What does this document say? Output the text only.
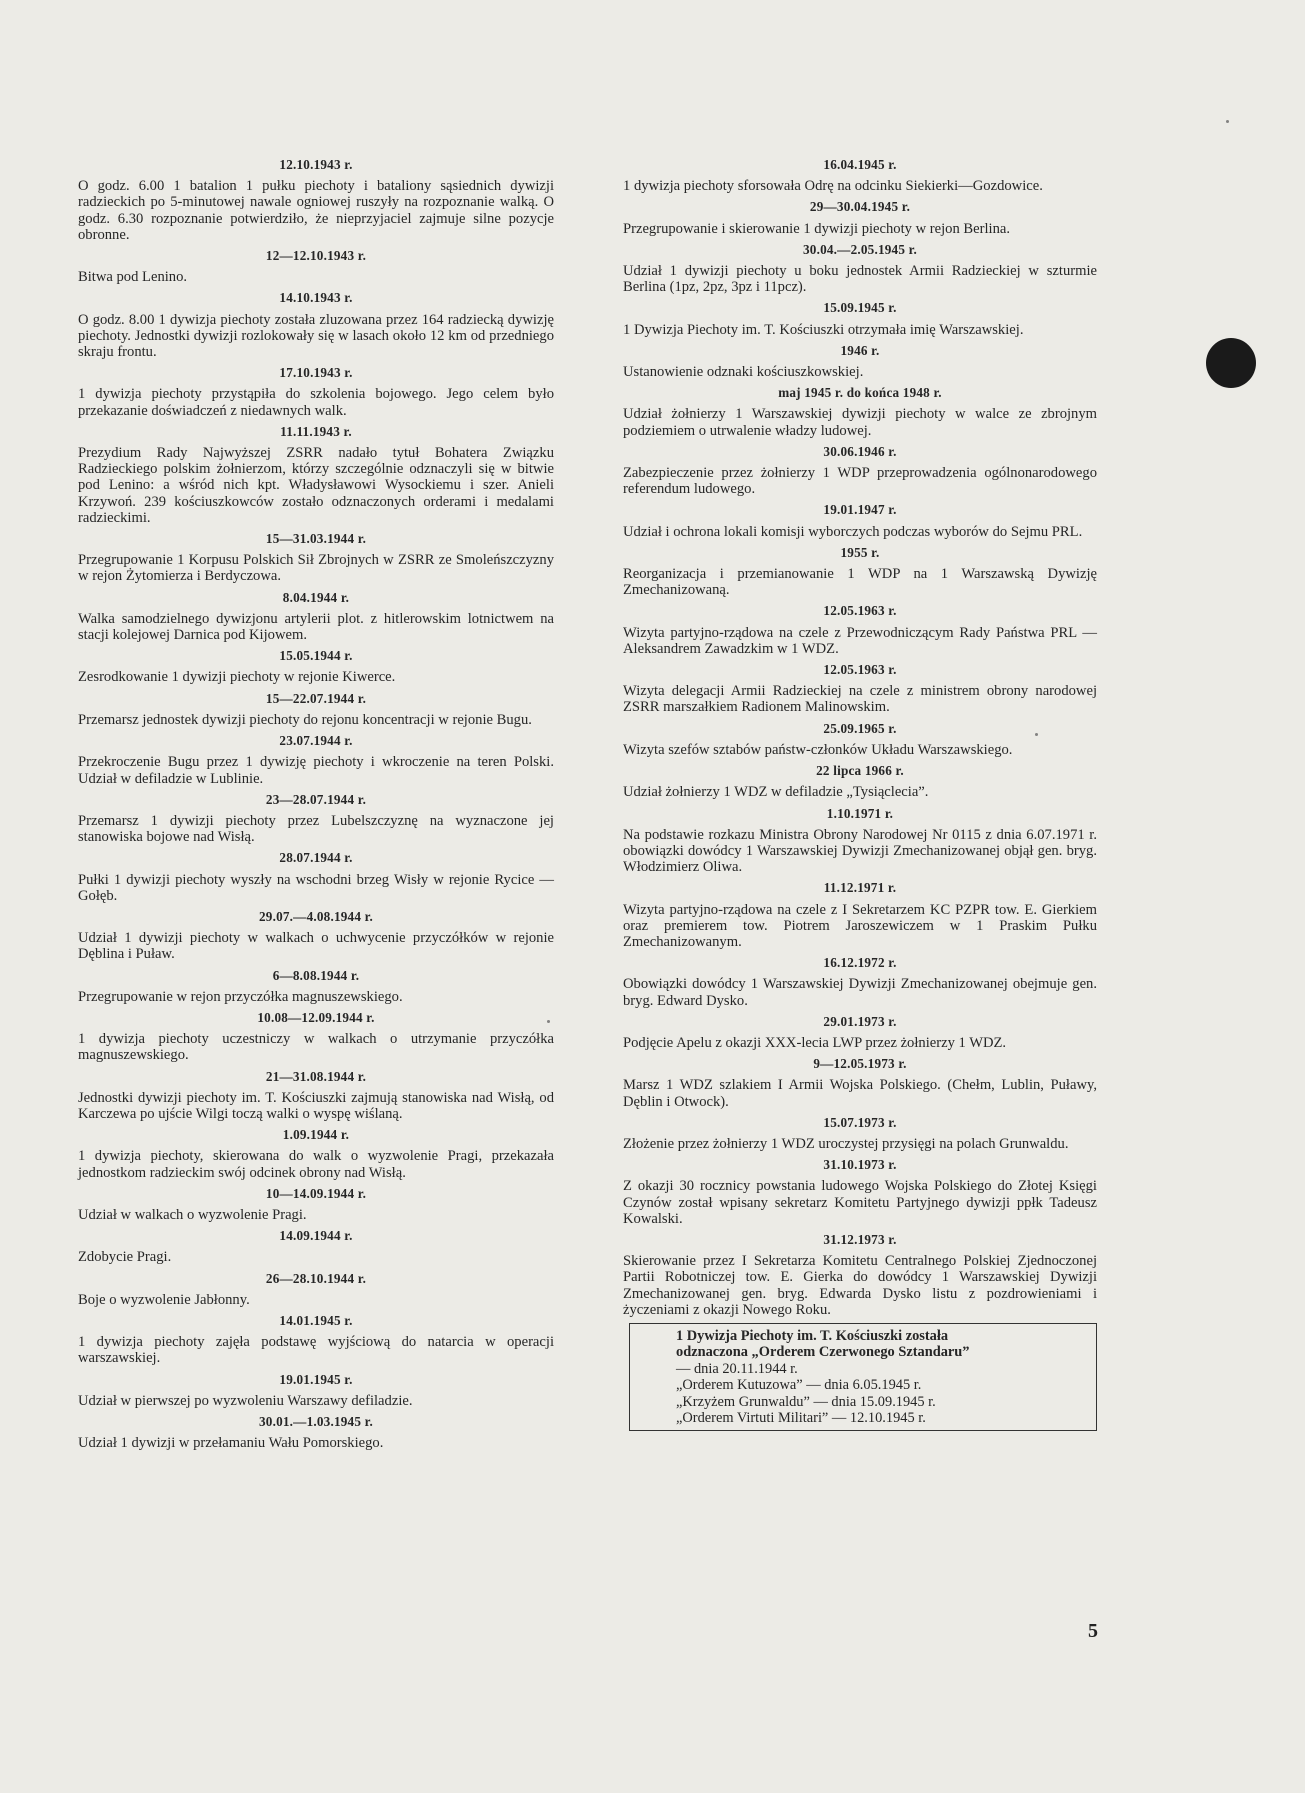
12.10.1943 r.
O godz. 6.00 1 batalion 1 pułku piechoty i bataliony sąsiednich dywizji radzieckich po 5-minutowej nawale ogniowej ruszyły na rozpoznanie walką. O godz. 6.30 rozpoznanie potwierdziło, że nieprzyjaciel zajmuje silne pozycje obronne.
12—12.10.1943 r.
Bitwa pod Lenino.
14.10.1943 r.
O godz. 8.00 1 dywizja piechoty została zluzowana przez 164 radziecką dywizję piechoty. Jednostki dywizji rozlokowały się w lasach około 12 km od przedniego skraju frontu.
17.10.1943 r.
1 dywizja piechoty przystąpiła do szkolenia bojowego. Jego celem było przekazanie doświadczeń z niedawnych walk.
11.11.1943 r.
Prezydium Rady Najwyższej ZSRR nadało tytuł Bohatera Związku Radzieckiego polskim żołnierzom, którzy szczególnie odznaczyli się w bitwie pod Lenino: a wśród nich kpt. Władysławowi Wysockiemu i szer. Anieli Krzywoń. 239 kościuszkowców zostało odznaczonych orderami i medalami radzieckimi.
15—31.03.1944 r.
Przegrupowanie 1 Korpusu Polskich Sił Zbrojnych w ZSRR ze Smoleńszczyzny w rejon Żytomierza i Berdyczowa.
8.04.1944 r.
Walka samodzielnego dywizjonu artylerii plot. z hitlerowskim lotnictwem na stacji kolejowej Darnica pod Kijowem.
15.05.1944 r.
Zesrodkowanie 1 dywizji piechoty w rejonie Kiwerce.
15—22.07.1944 r.
Przemarsz jednostek dywizji piechoty do rejonu koncentracji w rejonie Bugu.
23.07.1944 r.
Przekroczenie Bugu przez 1 dywizję piechoty i wkroczenie na teren Polski. Udział w defiladzie w Lublinie.
23—28.07.1944 r.
Przemarsz 1 dywizji piechoty przez Lubelszczyznę na wyznaczone jej stanowiska bojowe nad Wisłą.
28.07.1944 r.
Pułki 1 dywizji piechoty wyszły na wschodni brzeg Wisły w rejonie Rycice — Gołęb.
29.07.—4.08.1944 r.
Udział 1 dywizji piechoty w walkach o uchwycenie przyczółków w rejonie Dęblina i Puław.
6—8.08.1944 r.
Przegrupowanie w rejon przyczółka magnuszewskiego.
10.08—12.09.1944 r.
1 dywizja piechoty uczestniczy w walkach o utrzymanie przyczółka magnuszewskiego.
21—31.08.1944 r.
Jednostki dywizji piechoty im. T. Kościuszki zajmują stanowiska nad Wisłą, od Karczewa po ujście Wilgi toczą walki o wyspę wiślaną.
1.09.1944 r.
1 dywizja piechoty, skierowana do walk o wyzwolenie Pragi, przekazała jednostkom radzieckim swój odcinek obrony nad Wisłą.
10—14.09.1944 r.
Udział w walkach o wyzwolenie Pragi.
14.09.1944 r.
Zdobycie Pragi.
26—28.10.1944 r.
Boje o wyzwolenie Jabłonny.
14.01.1945 r.
1 dywizja piechoty zajęła podstawę wyjściową do natarcia w operacji warszawskiej.
19.01.1945 r.
Udział w pierwszej po wyzwoleniu Warszawy defiladzie.
30.01.—1.03.1945 r.
Udział 1 dywizji w przełamaniu Wału Pomorskiego.
16.04.1945 r.
1 dywizja piechoty sforsowała Odrę na odcinku Siekierki—Gozdowice.
29—30.04.1945 r.
Przegrupowanie i skierowanie 1 dywizji piechoty w rejon Berlina.
30.04.—2.05.1945 r.
Udział 1 dywizji piechoty u boku jednostek Armii Radzieckiej w szturmie Berlina (1pz, 2pz, 3pz i 11pcz).
15.09.1945 r.
1 Dywizja Piechoty im. T. Kościuszki otrzymała imię Warszawskiej.
1946 r.
Ustanowienie odznaki kościuszkowskiej.
maj 1945 r. do końca 1948 r.
Udział żołnierzy 1 Warszawskiej dywizji piechoty w walce ze zbrojnym podziemiem o utrwalenie władzy ludowej.
30.06.1946 r.
Zabezpieczenie przez żołnierzy 1 WDP przeprowadzenia ogólnonarodowego referendum ludowego.
19.01.1947 r.
Udział i ochrona lokali komisji wyborczych podczas wyborów do Sejmu PRL.
1955 r.
Reorganizacja i przemianowanie 1 WDP na 1 Warszawską Dywizję Zmechanizowaną.
12.05.1963 r.
Wizyta partyjno-rządowa na czele z Przewodniczącym Rady Państwa PRL — Aleksandrem Zawadzkim w 1 WDZ.
12.05.1963 r.
Wizyta delegacji Armii Radzieckiej na czele z ministrem obrony narodowej ZSRR marszałkiem Radionem Malinowskim.
25.09.1965 r.
Wizyta szefów sztabów państw-członków Układu Warszawskiego.
22 lipca 1966 r.
Udział żołnierzy 1 WDZ w defiladzie „Tysiąclecia”.
1.10.1971 r.
Na podstawie rozkazu Ministra Obrony Narodowej Nr 0115 z dnia 6.07.1971 r. obowiązki dowódcy 1 Warszawskiej Dywizji Zmechanizowanej objął gen. bryg. Włodzimierz Oliwa.
11.12.1971 r.
Wizyta partyjno-rządowa na czele z I Sekretarzem KC PZPR tow. E. Gierkiem oraz premierem tow. Piotrem Jaroszewiczem w 1 Praskim Pułku Zmechanizowanym.
16.12.1972 r.
Obowiązki dowódcy 1 Warszawskiej Dywizji Zmechanizowanej obejmuje gen. bryg. Edward Dysko.
29.01.1973 r.
Podjęcie Apelu z okazji XXX-lecia LWP przez żołnierzy 1 WDZ.
9—12.05.1973 r.
Marsz 1 WDZ szlakiem I Armii Wojska Polskiego. (Chełm, Lublin, Puławy, Dęblin i Otwock).
15.07.1973 r.
Złożenie przez żołnierzy 1 WDZ uroczystej przysięgi na polach Grunwaldu.
31.10.1973 r.
Z okazji 30 rocznicy powstania ludowego Wojska Polskiego do Złotej Księgi Czynów został wpisany sekretarz Komitetu Partyjnego dywizji ppłk Tadeusz Kowalski.
31.12.1973 r.
Skierowanie przez I Sekretarza Komitetu Centralnego Polskiej Zjednoczonej Partii Robotniczej tow. E. Gierka do dowódcy 1 Warszawskiej Dywizji Zmechanizowanej gen. bryg. Edwarda Dysko listu z pozdrowieniami i życzeniami z okazji Nowego Roku.

1 Dywizja Piechoty im. T. Kościuszki została

odznaczona „Orderem Czerwonego Sztandaru”

— dnia 20.11.1944 r.

„Orderem Kutuzowa” — dnia 6.05.1945 r.

„Krzyżem Grunwaldu” — dnia 15.09.1945 r.

„Orderem Virtuti Militari” — 12.10.1945 r.

5
